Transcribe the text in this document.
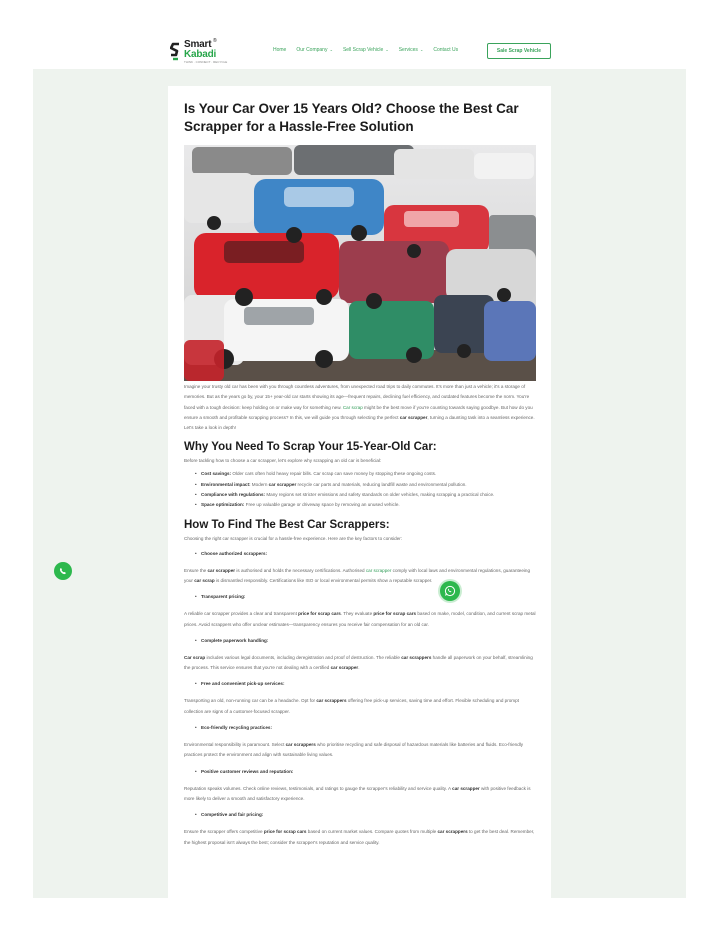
Smart
Kabadi
THINK · CONNECT · RECYCLE
®
Home Our Company ⌄ Sell Scrap Vehicle ⌄ Services ⌄ Contact Us	Sale Scrap Vehicle
Is Your Car Over 15 Years Old? Choose the Best Car Scrapper for a Hassle-Free Solution

Imagine your trusty old car has been with you through countless adventures, from unexpected road trips to daily commutes. It's more than just a vehicle; it's a storage of memories. But as the years go by, your 15+ year-old car starts showing its age—frequent repairs, declining fuel efficiency, and outdated features become the norm. You're faced with a tough decision: keep holding on or make way for something new. Car scrap might be the best move if you're counting towards saying goodbye. But how do you ensure a smooth and profitable scrapping process? In this, we will guide you through selecting the perfect car scrapper, turning a daunting task into a seamless experience. Let's take a look in depth!

Why You Need To Scrap Your 15-Year-Old Car:

Before tackling how to choose a car scrapper, let's explore why scrapping an old car is beneficial:

• Cost savings: Older cars often hold heavy repair bills. Car scrap can save money by stopping these ongoing costs.
• Environmental impact: Modern car scrapper recycle car parts and materials, reducing landfill waste and environmental pollution.
• Compliance with regulations: Many regions set stricter emissions and safety standards on older vehicles, making scrapping a practical choice.
• Space optimization: Free up valuable garage or driveway space by removing an unused vehicle.
How To Find The Best Car Scrappers:

Choosing the right car scrapper is crucial for a hassle-free experience. Here are the key factors to consider:

• Choose authorized scrappers:

Ensure the car scrapper is authorised and holds the necessary certifications. Authorised car scrapper comply with local laws and environmental regulations, guaranteeing your car scrap is dismantled responsibly. Certifications like ISO or local environmental permits show a reputable scrapper.

• Transparent pricing:

A reliable car scrapper provides a clear and transparent price for scrap cars. They evaluate price for scrap cars based on make, model, condition, and current scrap metal prices. Avoid scrappers who offer unclear estimates—transparency ensures you receive fair compensation for an old car.

• Complete paperwork handling:

Car scrap includes various legal documents, including deregistration and proof of destruction. The reliable car scrappers handle all paperwork on your behalf, streamlining the process. This service ensures that you're not dealing with a certified car scrapper.

• Free and convenient pick-up services:

Transporting an old, non-running car can be a headache. Opt for car scrappers offering free pick-up services, saving time and effort. Flexible scheduling and prompt collection are signs of a customer-focused scrapper.

• Eco-friendly recycling practices:

Environmental responsibility is paramount. Select car scrappers who prioritise recycling and safe disposal of hazardous materials like batteries and fluids. Eco-friendly practices protect the environment and align with sustainable living values.

• Positive customer reviews and reputation:

Reputation speaks volumes. Check online reviews, testimonials, and ratings to gauge the scrapper's reliability and service quality. A car scrapper with positive feedback is more likely to deliver a smooth and satisfactory experience.

• Competitive and fair pricing:

Ensure the scrapper offers competitive price for scrap cars based on current market values. Compare quotes from multiple car scrappers to get the best deal. Remember, the highest proposal isn't always the best; consider the scrapper's reputation and service quality.
